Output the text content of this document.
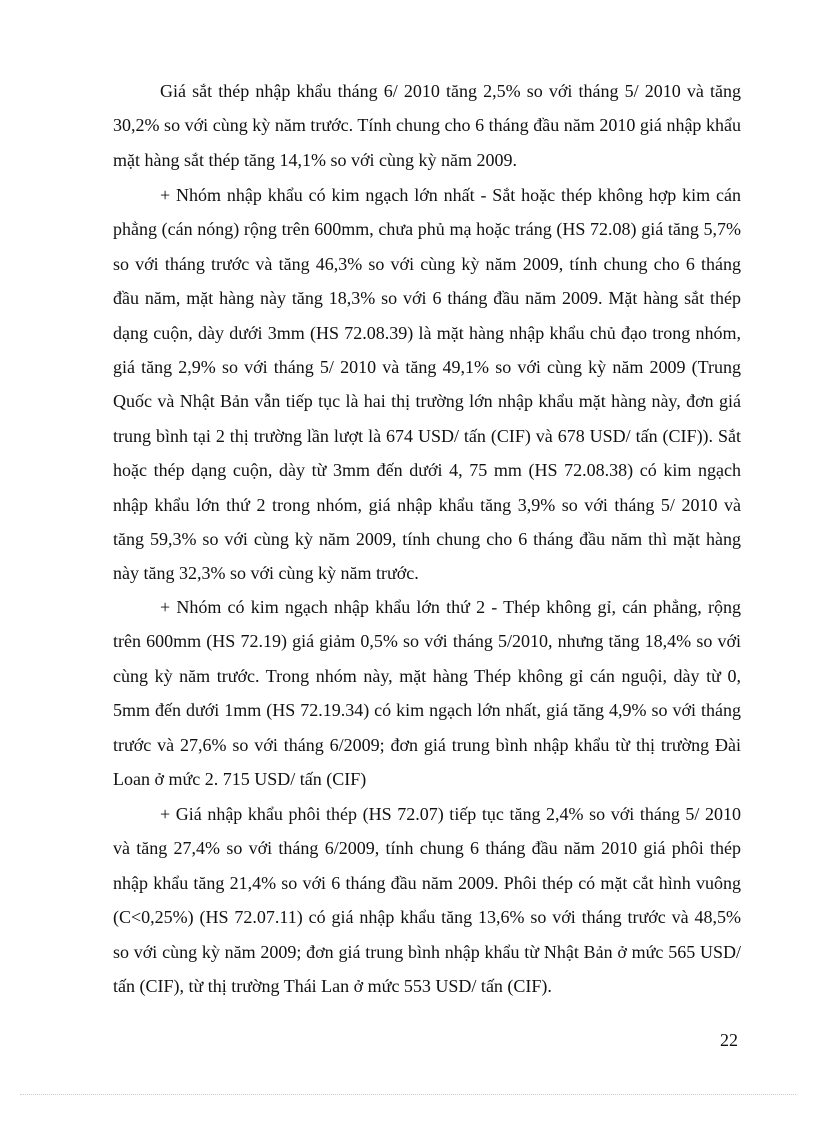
Giá sắt thép nhập khẩu tháng 6/ 2010 tăng 2,5% so với tháng 5/ 2010 và tăng 30,2% so với cùng kỳ năm trước. Tính chung cho 6 tháng đầu năm 2010 giá nhập khẩu mặt hàng sắt thép tăng 14,1% so với cùng kỳ năm 2009.

+ Nhóm nhập khẩu có kim ngạch lớn nhất - Sắt hoặc thép không hợp kim cán phẳng (cán nóng) rộng trên 600mm, chưa phủ mạ hoặc tráng (HS 72.08) giá tăng 5,7% so với tháng trước và tăng 46,3% so với cùng kỳ năm 2009, tính chung cho 6 tháng đầu năm, mặt hàng này tăng 18,3% so với 6 tháng đầu năm 2009. Mặt hàng sắt thép dạng cuộn, dày dưới 3mm (HS 72.08.39) là mặt hàng nhập khẩu chủ đạo trong nhóm, giá tăng 2,9% so với tháng 5/ 2010 và tăng 49,1% so với cùng kỳ năm 2009 (Trung Quốc và Nhật Bản vẫn tiếp tục là hai thị trường lớn nhập khẩu mặt hàng này, đơn giá trung bình tại 2 thị trường lần lượt là 674 USD/ tấn (CIF) và 678 USD/ tấn (CIF)). Sắt hoặc thép dạng cuộn, dày từ 3mm đến dưới 4, 75 mm (HS 72.08.38) có kim ngạch nhập khẩu lớn thứ 2 trong nhóm, giá nhập khẩu tăng 3,9% so với tháng 5/ 2010 và tăng 59,3% so với cùng kỳ năm 2009, tính chung cho 6 tháng đầu năm thì mặt hàng này tăng 32,3% so với cùng kỳ năm trước.

+ Nhóm có kim ngạch nhập khẩu lớn thứ 2 - Thép không gỉ, cán phẳng, rộng trên 600mm (HS 72.19) giá giảm 0,5% so với tháng 5/2010, nhưng tăng 18,4% so với cùng kỳ năm trước. Trong nhóm này, mặt hàng Thép không gỉ cán nguội, dày từ 0, 5mm đến dưới 1mm (HS 72.19.34) có kim ngạch lớn nhất, giá tăng 4,9% so với tháng trước và 27,6% so với tháng 6/2009; đơn giá trung bình nhập khẩu từ thị trường Đài Loan ở mức 2. 715 USD/ tấn (CIF)

+ Giá nhập khẩu phôi thép (HS 72.07) tiếp tục tăng 2,4% so với tháng 5/ 2010 và tăng 27,4% so với tháng 6/2009, tính chung 6 tháng đầu năm 2010 giá phôi thép nhập khẩu tăng 21,4% so với 6 tháng đầu năm 2009. Phôi thép có mặt cắt hình vuông (C<0,25%) (HS 72.07.11) có giá nhập khẩu tăng 13,6% so với tháng trước và 48,5% so với cùng kỳ năm 2009; đơn giá trung bình nhập khẩu từ Nhật Bản ở mức 565 USD/ tấn (CIF), từ thị trường Thái Lan ở mức 553 USD/ tấn (CIF).

22
